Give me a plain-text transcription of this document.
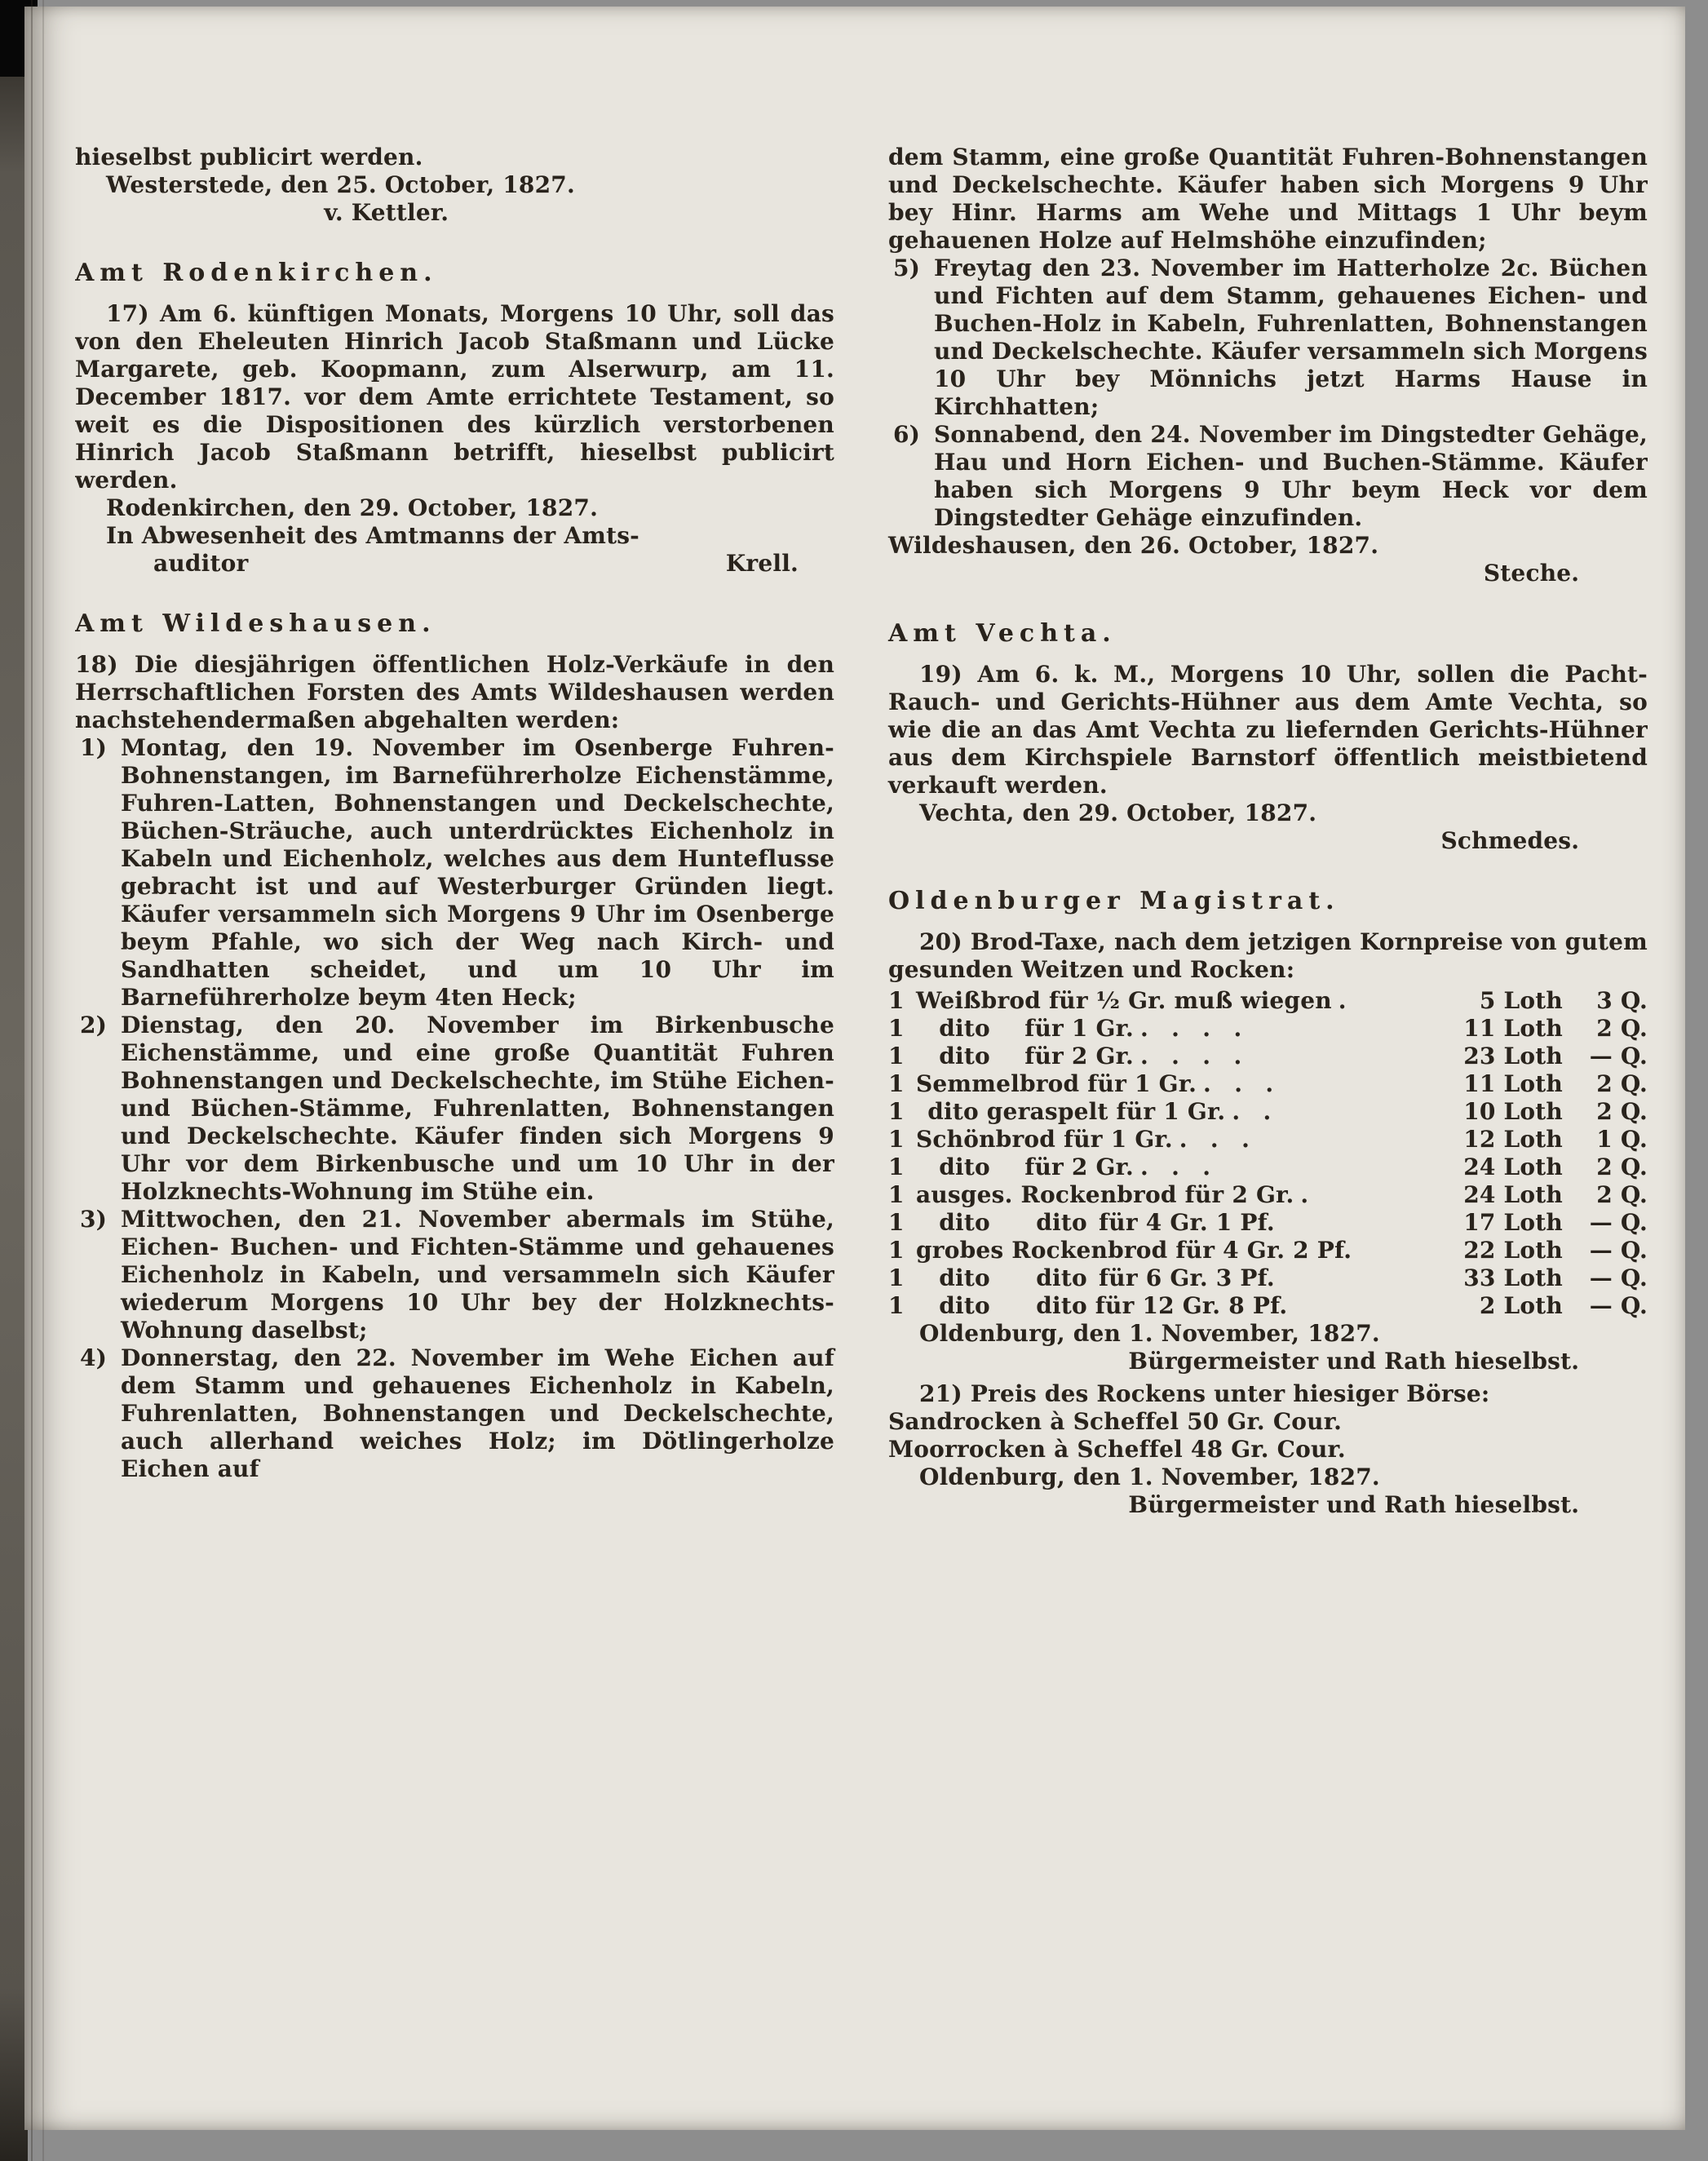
hieselbst publicirt werden.

Westerstede, den 25. October, 1827.

v. Kettler.

Amt Rodenkirchen.

17) Am 6. künftigen Monats, Morgens 10 Uhr, soll das von den Eheleuten Hinrich Jacob Staßmann und Lücke Margarete, geb. Koopmann, zum Alserwurp, am 11. December 1817. vor dem Amte errichtete Testament, so weit es die Dispositionen des kürzlich verstorbenen Hinrich Jacob Staßmann betrifft, hieselbst publicirt werden.

Rodenkirchen, den 29. October, 1827.

In Abwesenheit des Amtmanns der Amts-

auditor	Krell.
Amt Wildeshausen.

18) Die diesjährigen öffentlichen Holz-Verkäufe in den Herrschaftlichen Forsten des Amts Wildeshausen werden nachstehendermaßen abgehalten werden:

1) Montag, den 19. November im Osenberge Fuhren-Bohnenstangen, im Barneführerholze Eichenstämme, Fuhren-Latten, Bohnenstangen und Deckelschechte, Büchen-Sträuche, auch unterdrücktes Eichenholz in Kabeln und Eichenholz, welches aus dem Hunteflusse gebracht ist und auf Westerburger Gründen liegt. Käufer versammeln sich Morgens 9 Uhr im Osenberge beym Pfahle, wo sich der Weg nach Kirch- und Sandhatten scheidet, und um 10 Uhr im Barneführerholze beym 4ten Heck;
2) Dienstag, den 20. November im Birkenbusche Eichenstämme, und eine große Quantität Fuhren Bohnenstangen und Deckelschechte, im Stühe Eichen- und Büchen-Stämme, Fuhrenlatten, Bohnenstangen und Deckelschechte. Käufer finden sich Morgens 9 Uhr vor dem Birkenbusche und um 10 Uhr in der Holzknechts-Wohnung im Stühe ein.
3) Mittwochen, den 21. November abermals im Stühe, Eichen- Buchen- und Fichten-Stämme und gehauenes Eichenholz in Kabeln, und versammeln sich Käufer wiederum Morgens 10 Uhr bey der Holzknechts-Wohnung daselbst;
4) Donnerstag, den 22. November im Wehe Eichen auf dem Stamm und gehauenes Eichenholz in Kabeln, Fuhrenlatten, Bohnenstangen und Deckelschechte, auch allerhand weiches Holz; im Dötlingerholze Eichen auf

dem Stamm, eine große Quantität Fuhren-Bohnenstangen und Deckelschechte. Käufer haben sich Morgens 9 Uhr bey Hinr. Harms am Wehe und Mittags 1 Uhr beym gehauenen Holze auf Helmshöhe einzufinden;

5) Freytag den 23. November im Hatterholze 2c. Büchen und Fichten auf dem Stamm, gehauenes Eichen- und Buchen-Holz in Kabeln, Fuhrenlatten, Bohnenstangen und Deckelschechte. Käufer versammeln sich Morgens 10 Uhr bey Mönnichs jetzt Harms Hause in Kirchhatten;
6) Sonnabend, den 24. November im Dingstedter Gehäge, Hau und Horn Eichen- und Buchen-Stämme. Käufer haben sich Morgens 9 Uhr beym Heck vor dem Dingstedter Gehäge einzufinden.

Wildeshausen, den 26. October, 1827.

Steche.

Amt Vechta.

19) Am 6. k. M., Morgens 10 Uhr, sollen die Pacht- Rauch- und Gerichts-Hühner aus dem Amte Vechta, so wie die an das Amt Vechta zu liefernden Gerichts-Hühner aus dem Kirchspiele Barnstorf öffentlich meistbietend verkauft werden.

Vechta, den 29. October, 1827.

Schmedes.

Oldenburger Magistrat.

20) Brod-Taxe, nach dem jetzigen Kornpreise von gutem gesunden Weitzen und Rocken:

1 Weißbrod für ½ Gr. muß wiegen .	5 Loth	3 Q.
1  dito  für 1 Gr. . . . .	11 Loth	2 Q.
1  dito  für 2 Gr. . . . .	23 Loth	— Q.
1 Semmelbrod für 1 Gr. . . .	11 Loth	2 Q.
1  dito geraspelt für 1 Gr. . .	10 Loth	2 Q.
1 Schönbrod für 1 Gr. . . .	12 Loth	1 Q.
1  dito  für 2 Gr. . . .	24 Loth	2 Q.
1 ausges. Rockenbrod für 2 Gr. .	24 Loth	2 Q.
1  dito  dito für 4 Gr. 1 Pf.	17 Loth	— Q.
1 grobes Rockenbrod für 4 Gr. 2 Pf.	22 Loth	— Q.
1  dito  dito für 6 Gr. 3 Pf.	33 Loth	— Q.
1  dito  dito für 12 Gr. 8 Pf.	2 Loth	— Q.

Oldenburg, den 1. November, 1827.

Bürgermeister und Rath hieselbst.

21) Preis des Rockens unter hiesiger Börse:

Sandrocken à Scheffel 50 Gr. Cour.

Moorrocken à Scheffel 48 Gr. Cour.

Oldenburg, den 1. November, 1827.

Bürgermeister und Rath hieselbst.
